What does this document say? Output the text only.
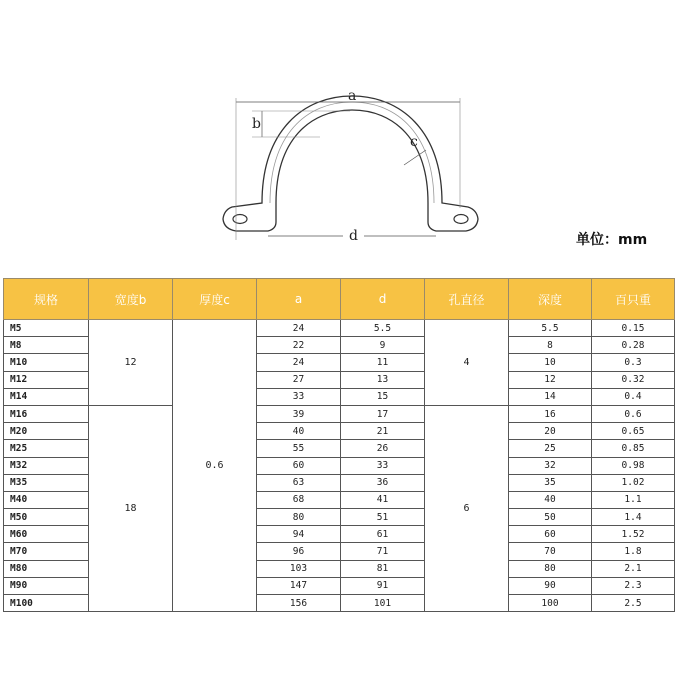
a
b
c
d	单位：mm
规格	宽度b	厚度c	a	d	孔直径	深度	百只重
M5	12	0.6	24	5.5	4	5.5	0.15
M8			22	9		8	0.28
M10			24	11		10	0.3
M12			27	13		12	0.32
M14			33	15		14	0.4
M16	18		39	17	6	16	0.6
M20			40	21		20	0.65
M25			55	26		25	0.85
M32			60	33		32	0.98
M35			63	36		35	1.02
M40			68	41		40	1.1
M50			80	51		50	1.4
M60			94	61		60	1.52
M70			96	71		70	1.8
M80			103	81		80	2.1
M90			147	91		90	2.3
M100			156	101		100	2.5
